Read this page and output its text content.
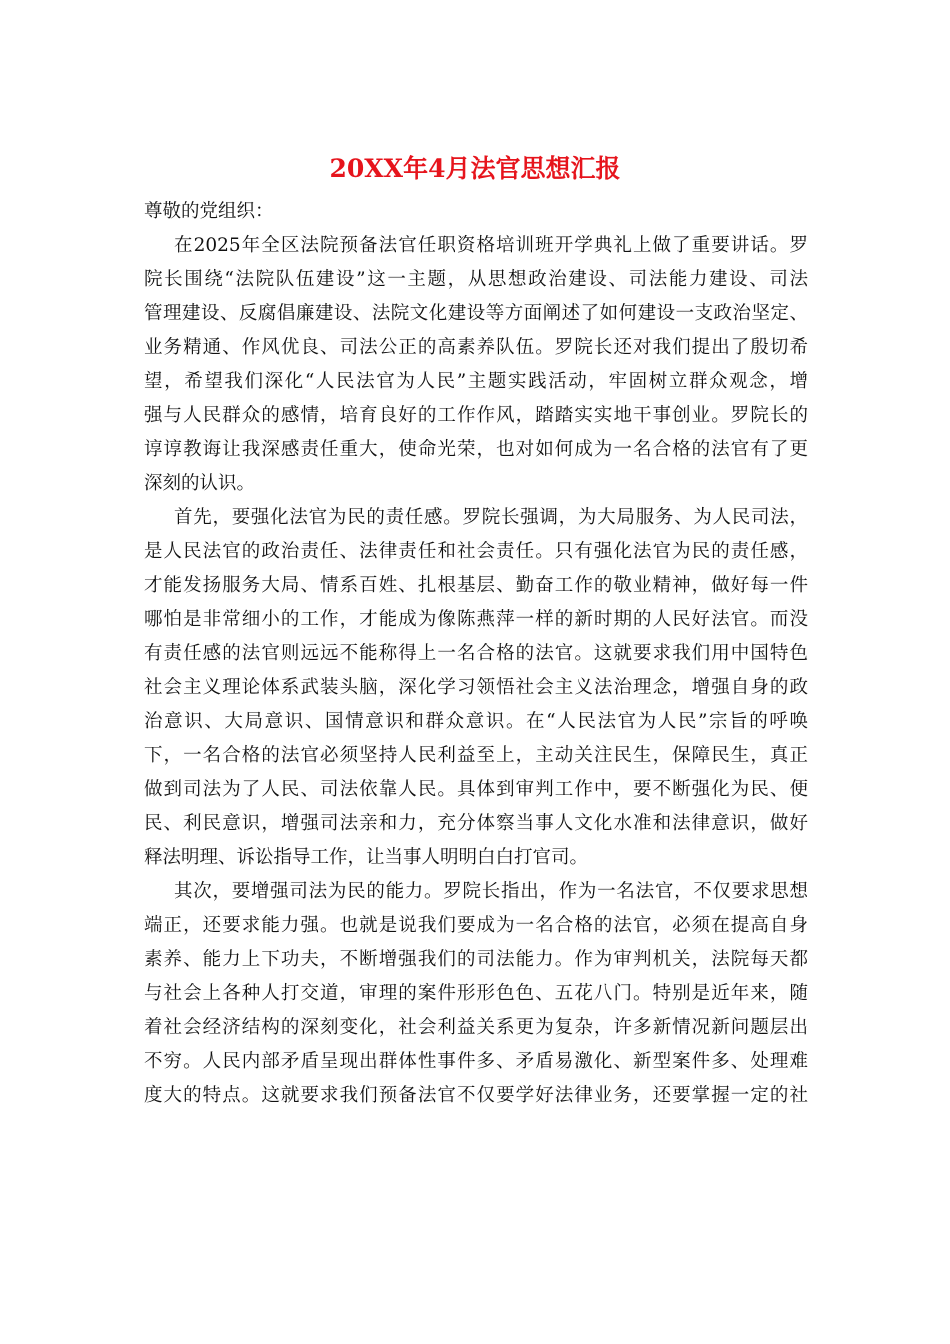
20XX年4月法官思想汇报

尊敬的党组织：

在2025年全区法院预备法官任职资格培训班开学典礼上做了重要讲话。罗

院长围绕“法院队伍建设”这一主题，从思想政治建设、司法能力建设、司法

管理建设、反腐倡廉建设、法院文化建设等方面阐述了如何建设一支政治坚定、

业务精通、作风优良、司法公正的高素养队伍。罗院长还对我们提出了殷切希

望，希望我们深化“人民法官为人民”主题实践活动，牢固树立群众观念，增

强与人民群众的感情，培育良好的工作作风，踏踏实实地干事创业。罗院长的

谆谆教诲让我深感责任重大，使命光荣，也对如何成为一名合格的法官有了更

深刻的认识。

首先，要强化法官为民的责任感。罗院长强调，为大局服务、为人民司法，

是人民法官的政治责任、法律责任和社会责任。只有强化法官为民的责任感，

才能发扬服务大局、情系百姓、扎根基层、勤奋工作的敬业精神，做好每一件

哪怕是非常细小的工作，才能成为像陈燕萍一样的新时期的人民好法官。而没

有责任感的法官则远远不能称得上一名合格的法官。这就要求我们用中国特色

社会主义理论体系武装头脑，深化学习领悟社会主义法治理念，增强自身的政

治意识、大局意识、国情意识和群众意识。在“人民法官为人民”宗旨的呼唤

下，一名合格的法官必须坚持人民利益至上，主动关注民生，保障民生，真正

做到司法为了人民、司法依靠人民。具体到审判工作中，要不断强化为民、便

民、利民意识，增强司法亲和力，充分体察当事人文化水准和法律意识，做好

释法明理、诉讼指导工作，让当事人明明白白打官司。

其次，要增强司法为民的能力。罗院长指出，作为一名法官，不仅要求思想

端正，还要求能力强。也就是说我们要成为一名合格的法官，必须在提高自身

素养、能力上下功夫，不断增强我们的司法能力。作为审判机关，法院每天都

与社会上各种人打交道，审理的案件形形色色、五花八门。特别是近年来，随

着社会经济结构的深刻变化，社会利益关系更为复杂，许多新情况新问题层出

不穷。人民内部矛盾呈现出群体性事件多、矛盾易激化、新型案件多、处理难

度大的特点。这就要求我们预备法官不仅要学好法律业务，还要掌握一定的社
